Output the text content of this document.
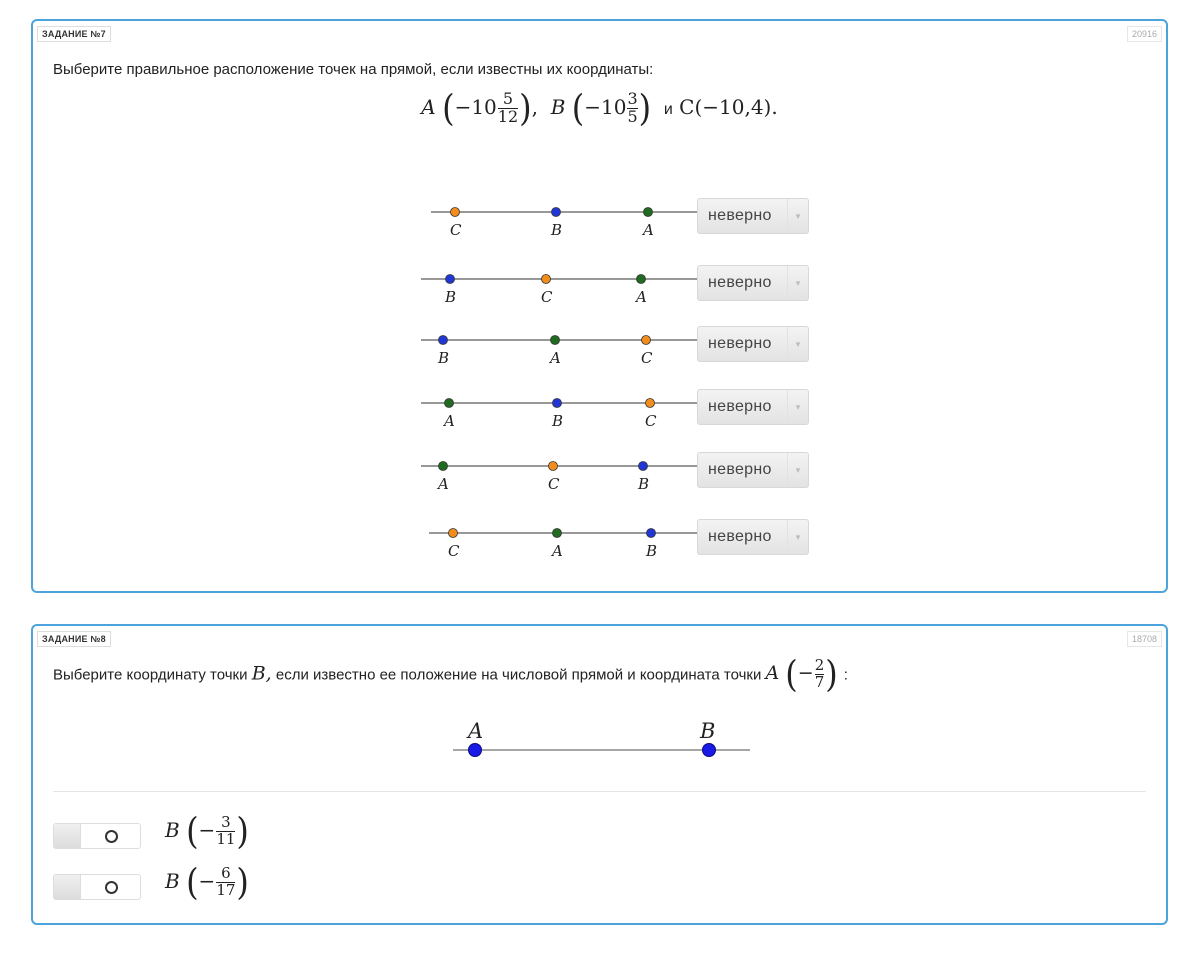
ЗАДАНИЕ №7	20916
Выберите правильное расположение точек на прямой, если известны их координаты:
A ($-10 \frac{5}{12}$ ),  B ($-10 \frac{3}{5}$ ) и C(−10,4).
C	B	A
неверно	▾
B	C	A
неверно	▾
B	A	C
неверно	▾
A	B	C
неверно	▾
A	C	B
неверно	▾
C	A	B
неверно	▾
ЗАДАНИЕ №8	18708
Выберите координату точки B, если известно ее положение на числовой прямой и координата точки A (− $\frac{2}{7}$ ) :
A	B
B (− $\frac{3}{11}$ )
B (− $\frac{6}{17}$ )
